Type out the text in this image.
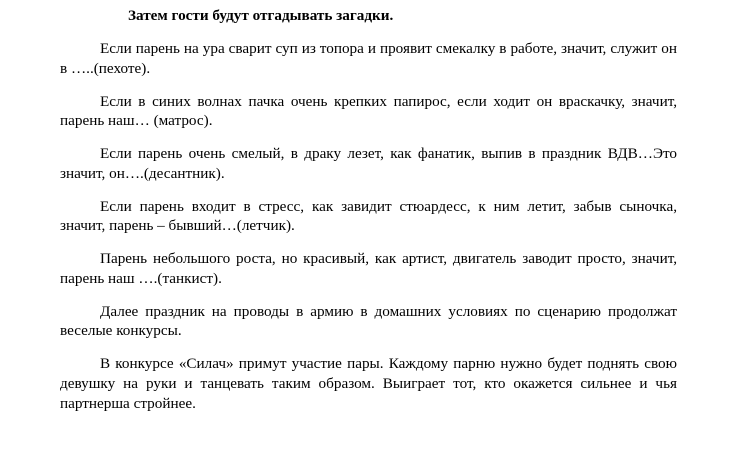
Затем гости будут отгадывать загадки.

Если парень на ура сварит суп из топора и проявит смекалку в работе, значит, служит он в …..(пехоте).

Если в синих волнах пачка очень крепких папирос, если ходит он враскачку, значит, парень наш… (матрос).

Если парень очень смелый, в драку лезет, как фанатик, выпив в праздник ВДВ…Это значит, он….(десантник).

Если парень входит в стресс, как завидит стюардесс, к ним летит, забыв сыночка, значит, парень – бывший…(летчик).

Парень небольшого роста, но красивый, как артист, двигатель заводит просто, значит, парень наш ….(танкист).

Далее праздник на проводы в армию в домашних условиях по сценарию продолжат веселые конкурсы.

В конкурсе «Силач» примут участие пары. Каждому парню нужно будет поднять свою девушку на руки и танцевать таким образом. Выиграет тот, кто окажется сильнее и чья партнерша стройнее.
